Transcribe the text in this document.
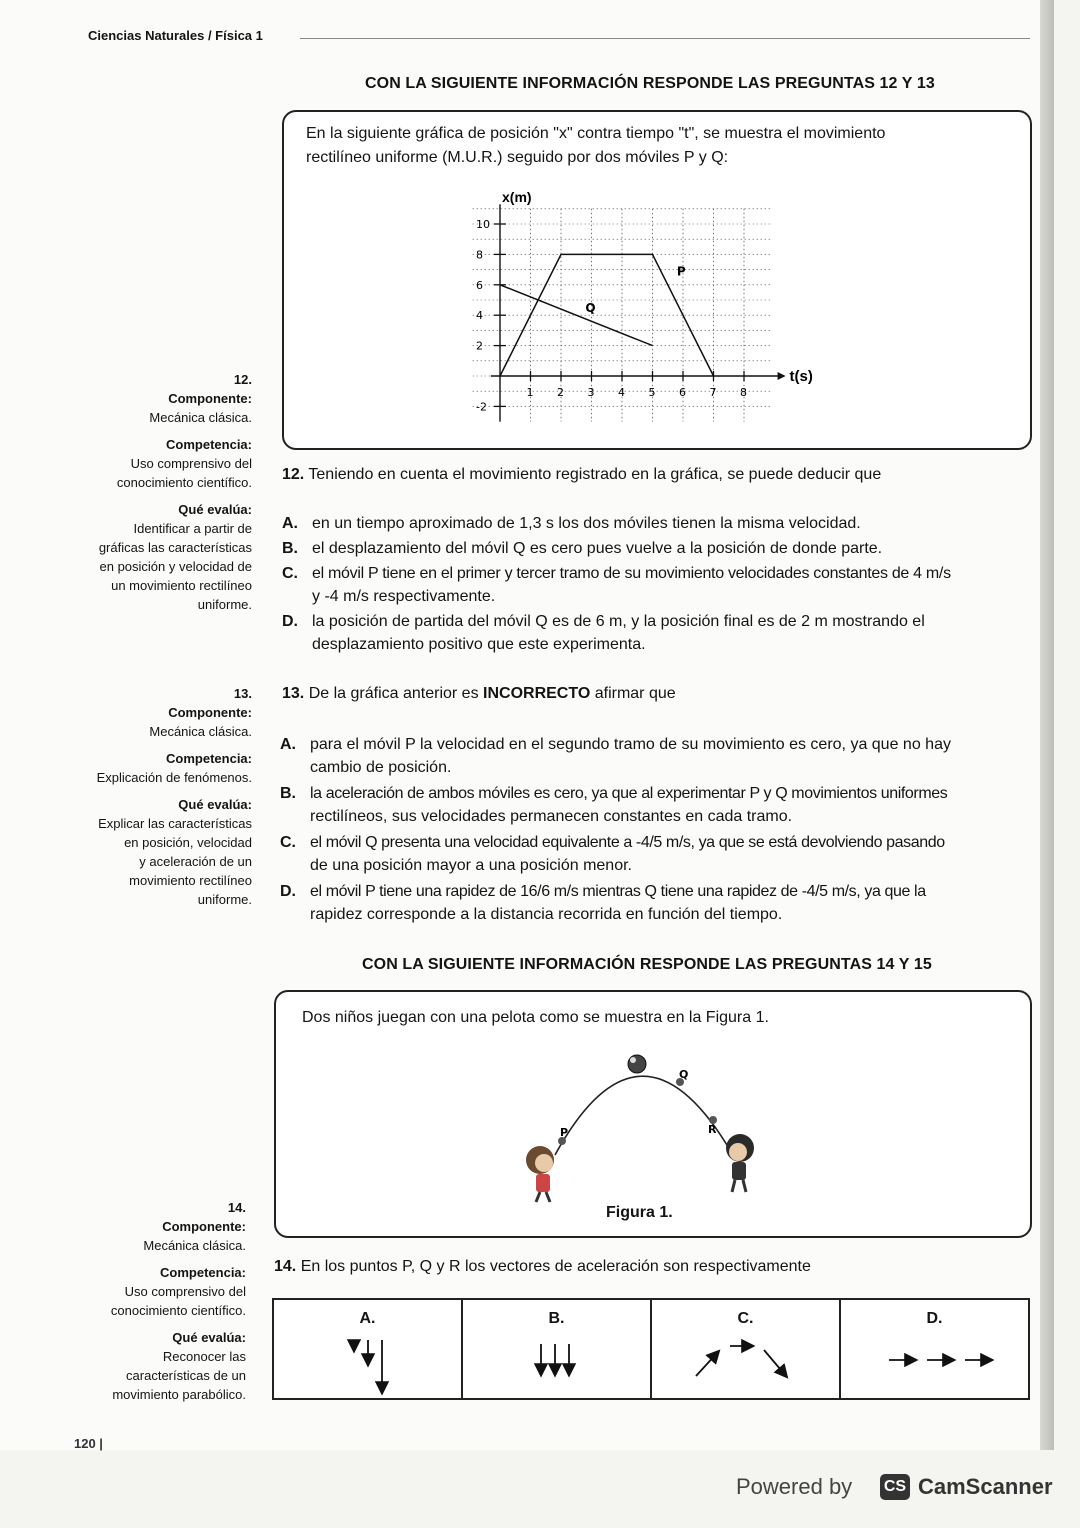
Ciencias Naturales / Física 1
CON LA SIGUIENTE INFORMACIÓN RESPONDE LAS PREGUNTAS 12 Y 13
En la siguiente gráfica de posición "x" contra tiempo "t", se muestra el movimiento
rectilíneo uniforme (M.U.R.) seguido por dos móviles P y Q:
1 2 3 4 5 6 7 8
10
8
6
4
2
-2
x(m)
t(s)
P
Q
12.
Componente:
Mecánica clásica.
Competencia:
Uso comprensivo del
conocimiento científico.
Qué evalúa:
Identificar a partir de
gráficas las características
en posición y velocidad de
un movimiento rectilíneo
uniforme.
12. Teniendo en cuenta el movimiento registrado en la gráfica, se puede deducir que
A. en un tiempo aproximado de 1,3 s los dos móviles tienen la misma velocidad.
B. el desplazamiento del móvil Q es cero pues vuelve a la posición de donde parte.
C. el móvil P tiene en el primer y tercer tramo de su movimiento velocidades constantes de 4 m/s
y -4 m/s respectivamente.
D. la posición de partida del móvil Q es de 6 m, y la posición final es de 2 m mostrando el
desplazamiento positivo que este experimenta.
13.
Componente:
Mecánica clásica.
Competencia:
Explicación de fenómenos.
Qué evalúa:
Explicar las características
en posición, velocidad
y aceleración de un
movimiento rectilíneo
uniforme.
13. De la gráfica anterior es INCORRECTO afirmar que
A. para el móvil P la velocidad en el segundo tramo de su movimiento es cero, ya que no hay
cambio de posición.
B. la aceleración de ambos móviles es cero, ya que al experimentar P y Q movimientos uniformes
rectilíneos, sus velocidades permanecen constantes en cada tramo.
C. el móvil Q presenta una velocidad equivalente a -4/5 m/s, ya que se está devolviendo pasando
de una posición mayor a una posición menor.
D. el móvil P tiene una rapidez de 16/6 m/s mientras Q tiene una rapidez de -4/5 m/s, ya que la
rapidez corresponde a la distancia recorrida en función del tiempo.
CON LA SIGUIENTE INFORMACIÓN RESPONDE LAS PREGUNTAS 14 Y 15
Dos niños juegan con una pelota como se muestra en la Figura 1.
P
Q
R
Figura 1.
14.
Componente:
Mecánica clásica.
Competencia:
Uso comprensivo del
conocimiento científico.
Qué evalúa:
Reconocer las
características de un
movimiento parabólico.
14. En los puntos P, Q y R los vectores de aceleración son respectivamente
A.	B.	C.	D.
120 |
Powered by CS CamScanner
